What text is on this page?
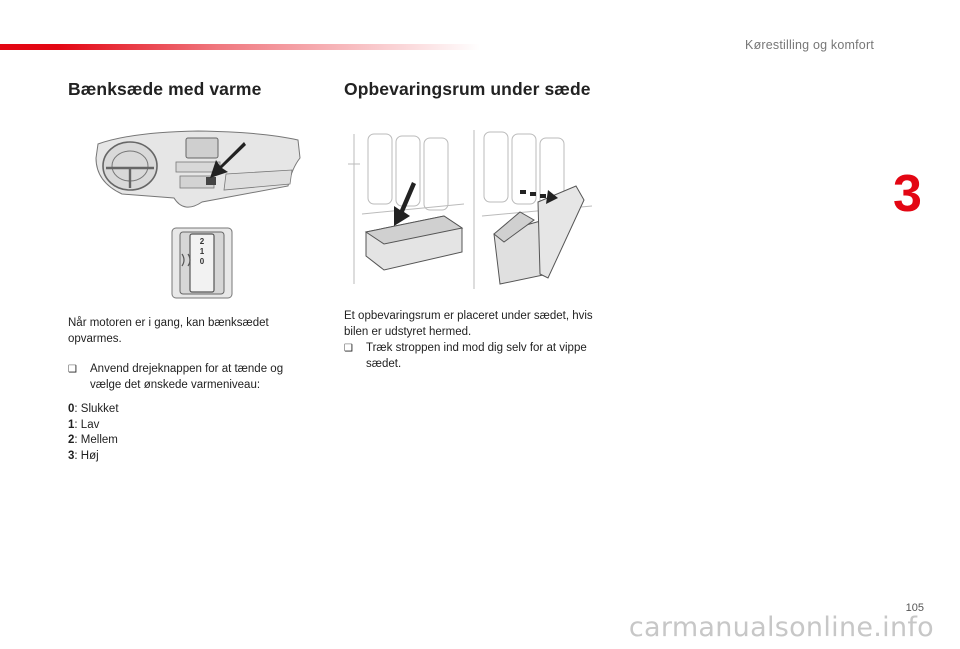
Kørestilling og komfort
3
Bænksæde med varme	Opbevaringsrum under sæde
2
1
0

Når motoren er i gang, kan bænksædet opvarmes.

❑	Anvend drejeknappen for at tænde og vælge det ønskede varmeniveau:
0: Slukket
1: Lav
2: Mellem
3: Høj

Et opbevaringsrum er placeret under sædet, hvis bilen er udstyret hermed.

❑	Træk stroppen ind mod dig selv for at vippe sædet.
105
carmanualsonline.info
